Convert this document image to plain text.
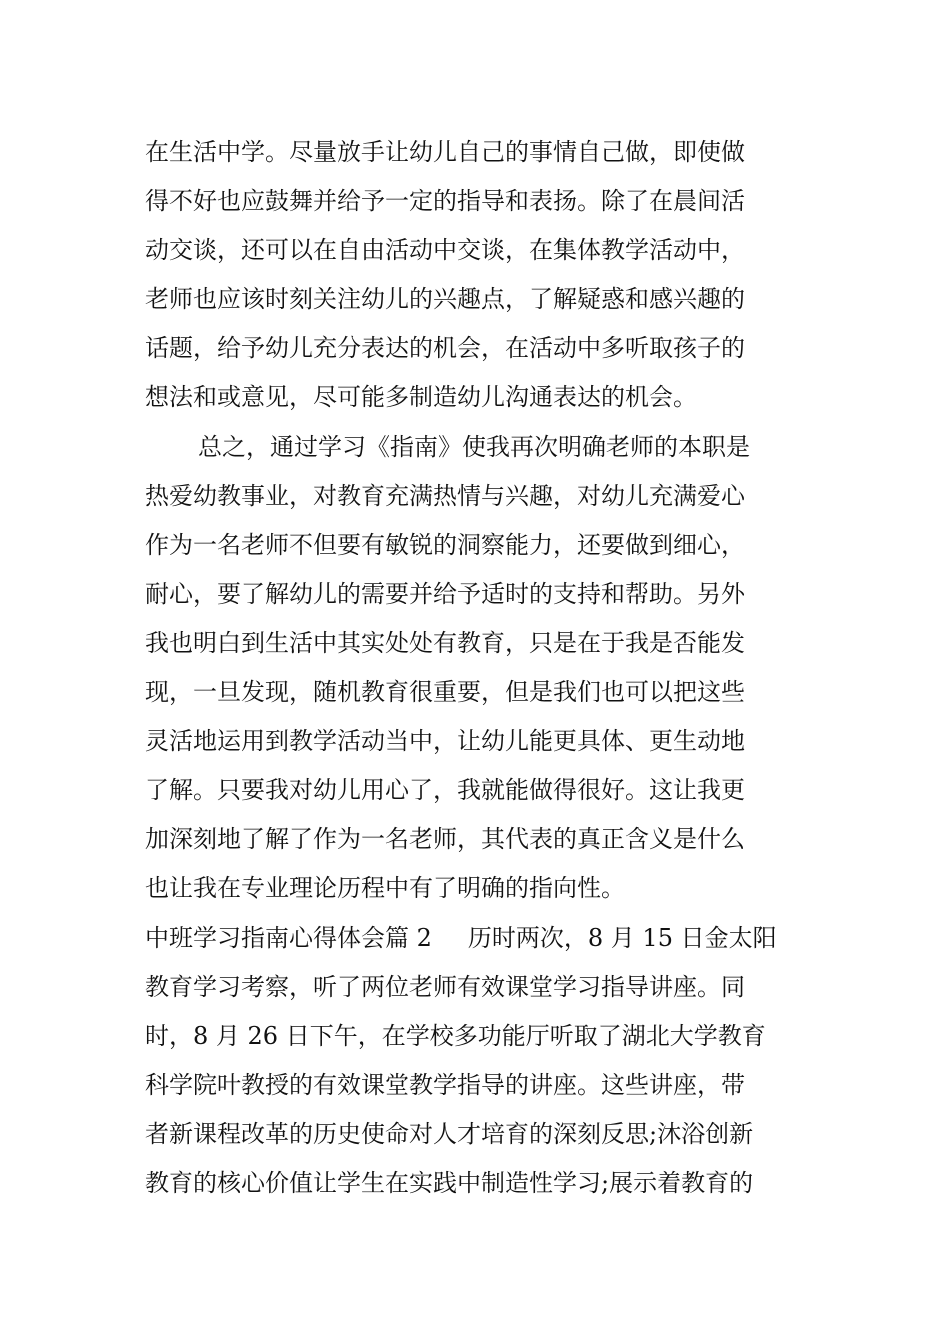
在生活中学。尽量放手让幼儿自己的事情自己做，即使做
得不好也应鼓舞并给予一定的指导和表扬。除了在晨间活
动交谈，还可以在自由活动中交谈，在集体教学活动中，
老师也应该时刻关注幼儿的兴趣点，了解疑惑和感兴趣的
话题，给予幼儿充分表达的机会，在活动中多听取孩子的
想法和或意见，尽可能多制造幼儿沟通表达的机会。
总之，通过学习《指南》使我再次明确老师的本职是
热爱幼教事业，对教育充满热情与兴趣，对幼儿充满爱心
作为一名老师不但要有敏锐的洞察能力，还要做到细心，
耐心，要了解幼儿的需要并给予适时的支持和帮助。另外
我也明白到生活中其实处处有教育，只是在于我是否能发
现，一旦发现，随机教育很重要，但是我们也可以把这些
灵活地运用到教学活动当中，让幼儿能更具体、更生动地
了解。只要我对幼儿用心了，我就能做得很好。这让我更
加深刻地了解了作为一名老师，其代表的真正含义是什么
也让我在专业理论历程中有了明确的指向性。
中班学习指南心得体会篇 2 历时两次，8 月 15 日金太阳
教育学习考察，听了两位老师有效课堂学习指导讲座。同
时，8 月 26 日下午，在学校多功能厅听取了湖北大学教育
科学院叶教授的有效课堂教学指导的讲座。这些讲座，带
者新课程改革的历史使命对人才培育的深刻反思;沐浴创新
教育的核心价值让学生在实践中制造性学习;展示着教育的
